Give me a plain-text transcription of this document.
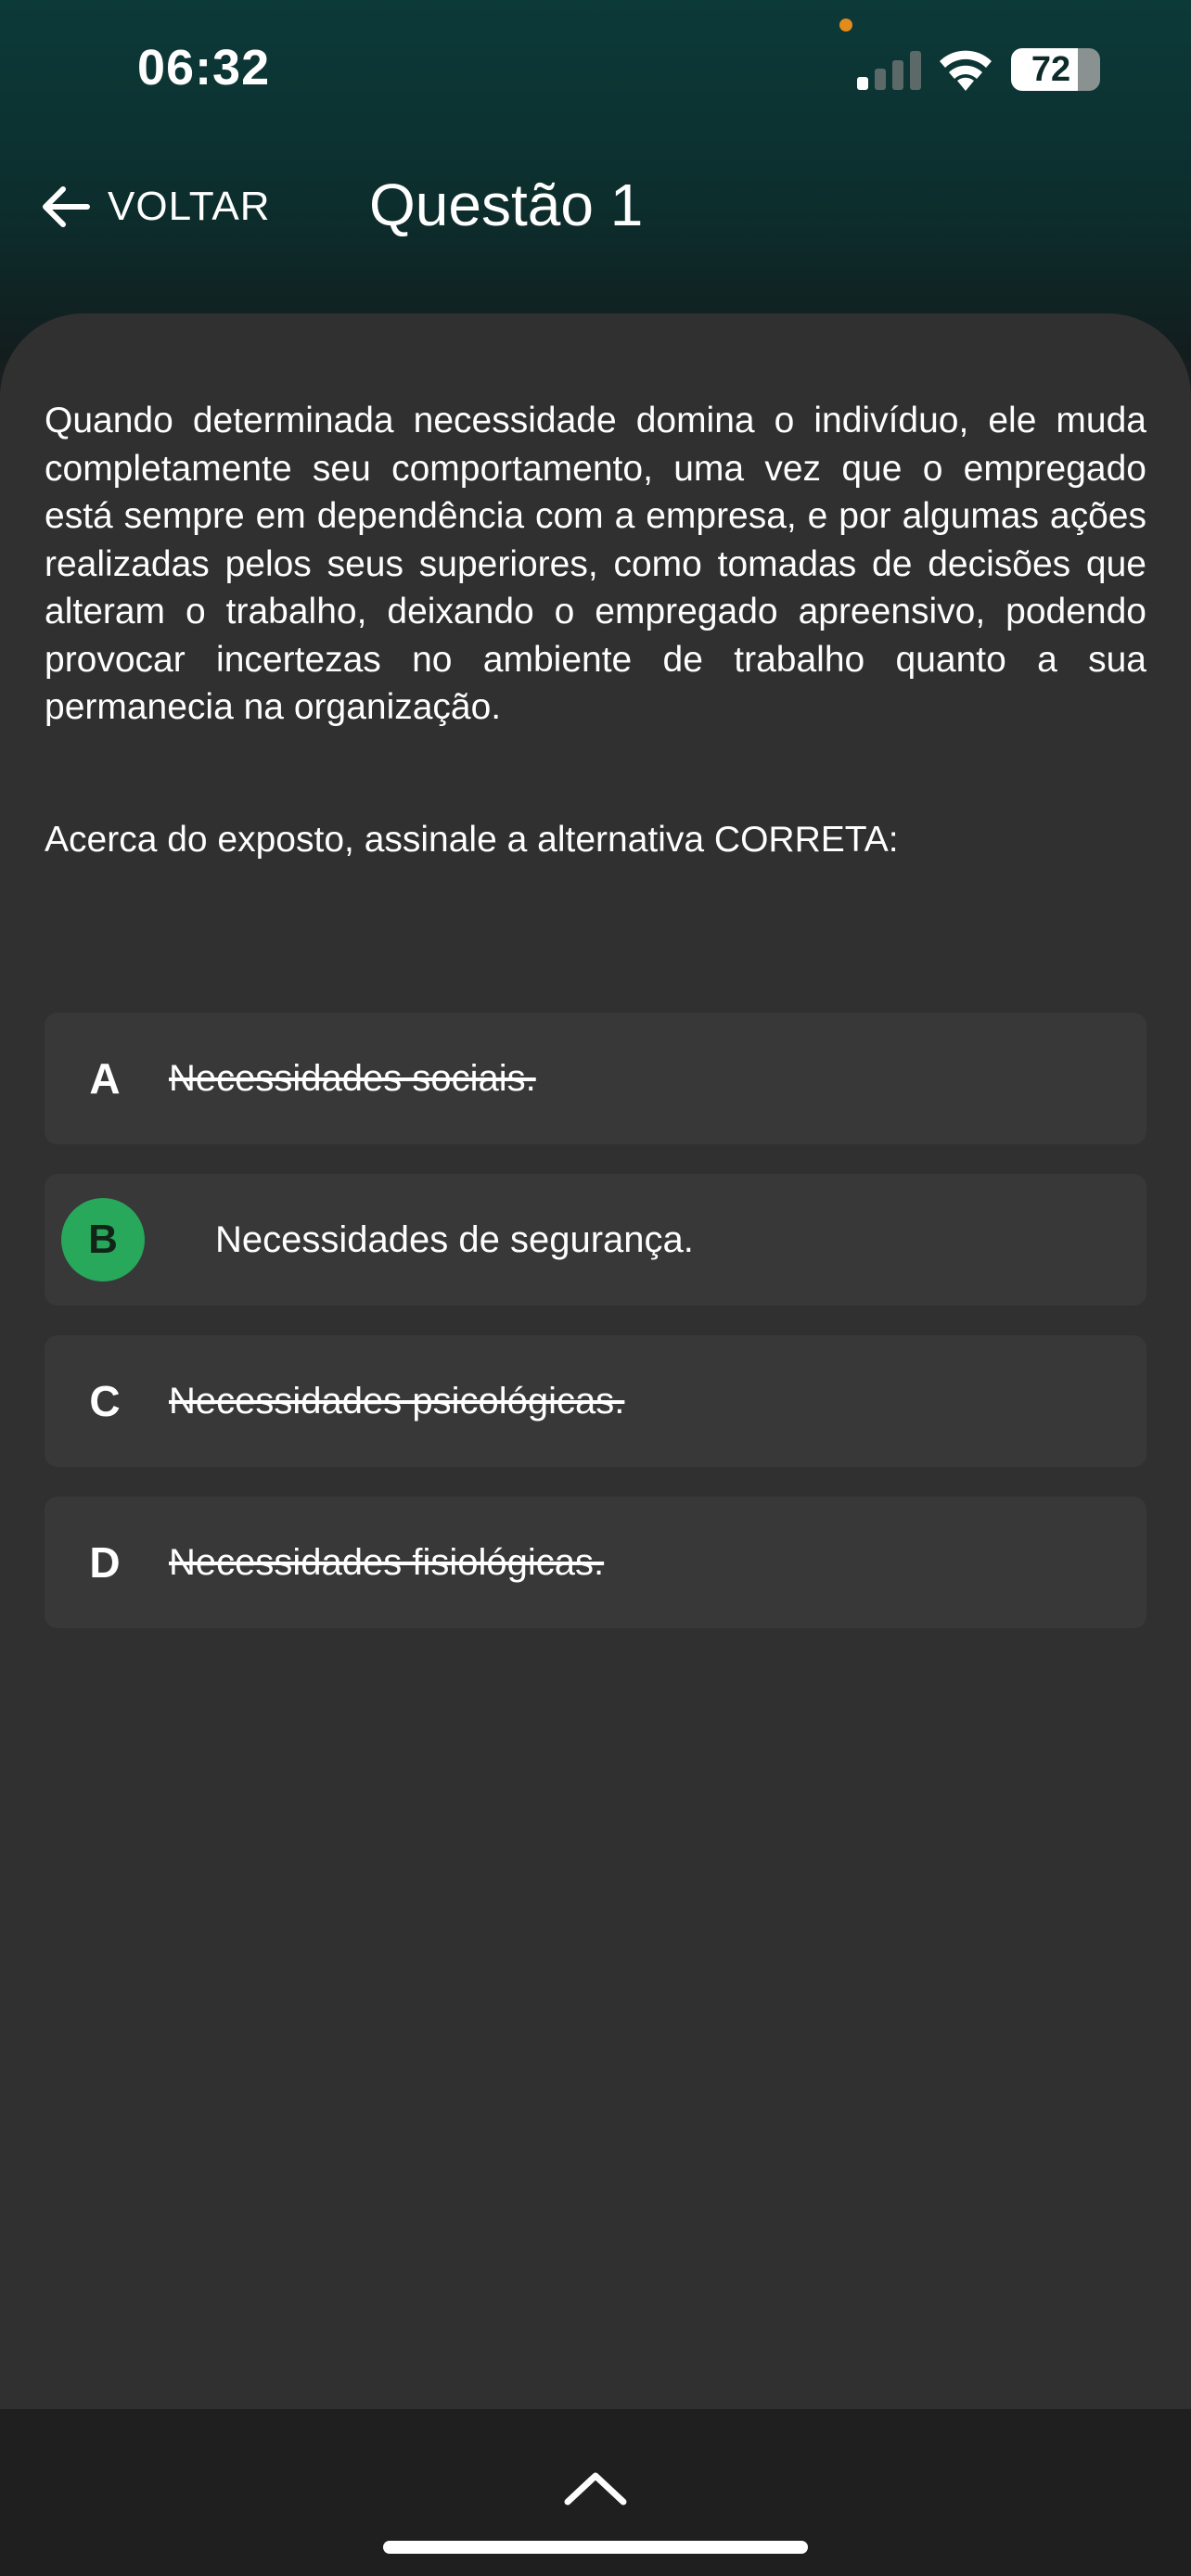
06:32	72
VOLTAR Questão 1

Quando determinada necessidade domina o indivíduo, ele muda completamente seu comportamento, uma vez que o empregado está sempre em dependência com a empresa, e por algumas ações realizadas pelos seus superiores, como tomadas de decisões que alteram o trabalho, deixando o empregado apreensivo, podendo provocar incertezas no ambiente de trabalho quanto a sua permanecia na organização.

Acerca do exposto, assinale a alternativa CORRETA:

A	Necessidades sociais.
B	Necessidades de segurança.
C	Necessidades psicológicas.
D	Necessidades fisiológicas.
